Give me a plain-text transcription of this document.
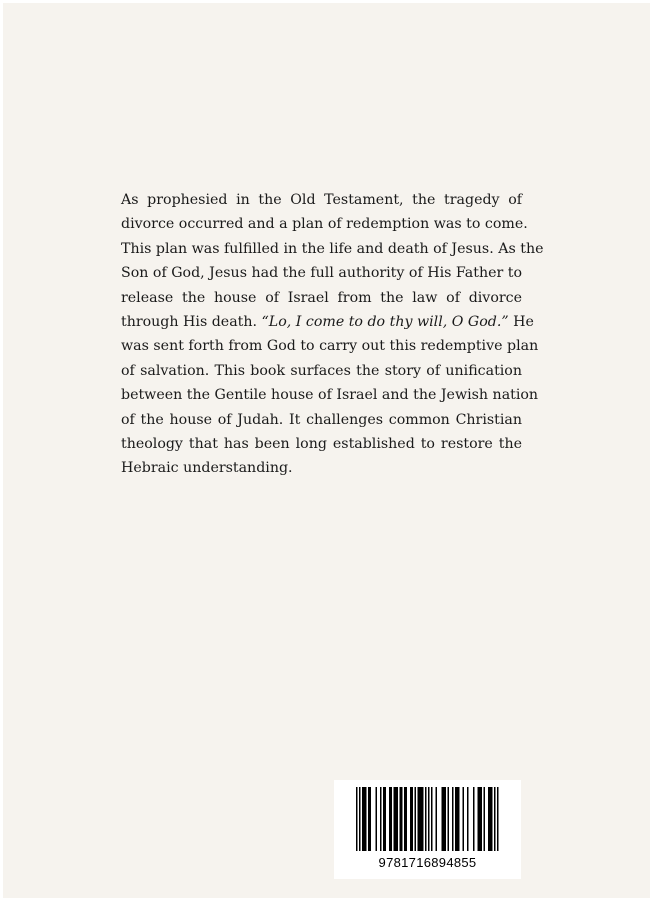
As prophesied in the Old Testament, the tragedy of
divorce occurred and a plan of redemption was to come.
This plan was fulfilled in the life and death of Jesus. As the
Son of God, Jesus had the full authority of His Father to
release the house of Israel from the law of divorce
through His death. “Lo, I come to do thy will, O God.” He
was sent forth from God to carry out this redemptive plan
of salvation. This book surfaces the story of unification
between the Gentile house of Israel and the Jewish nation
of the house of Judah. It challenges common Christian
theology that has been long established to restore the
Hebraic understanding.

9781716894855
